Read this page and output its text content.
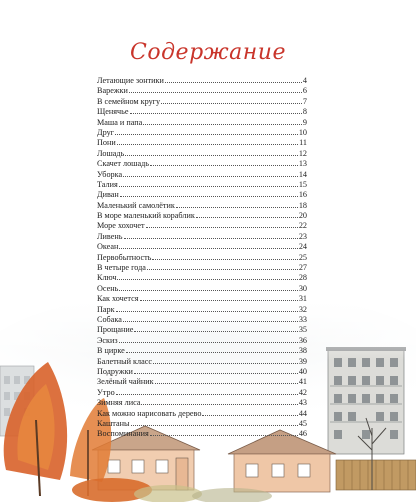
Содержание
Летающие зонтики	4
Варежки	6
В семейном кругу	7
Щенячье	8
Маша и папа	9
Друг	10
Пони	11
Лошадь	12
Скачет лошадь	13
Уборка	14
Талия	15
Диван	16
Маленький самолётик	18
В море маленький кораблик	20
Море хохочет	22
Ливень	23
Океан	24
Первобытность	25
В четыре года	27
Ключ	28
Осень	30
Как хочется	31
Парк	32
Собака	33
Прощание	35
Эскиз	36
В цирке	38
Балетный класс	39
Подружки	40
Зелёный чайник	41
Утро	42
Зимняя лиса	43
Как можно нарисовать дерево	44
Каштаны	45
Воспоминания	46
